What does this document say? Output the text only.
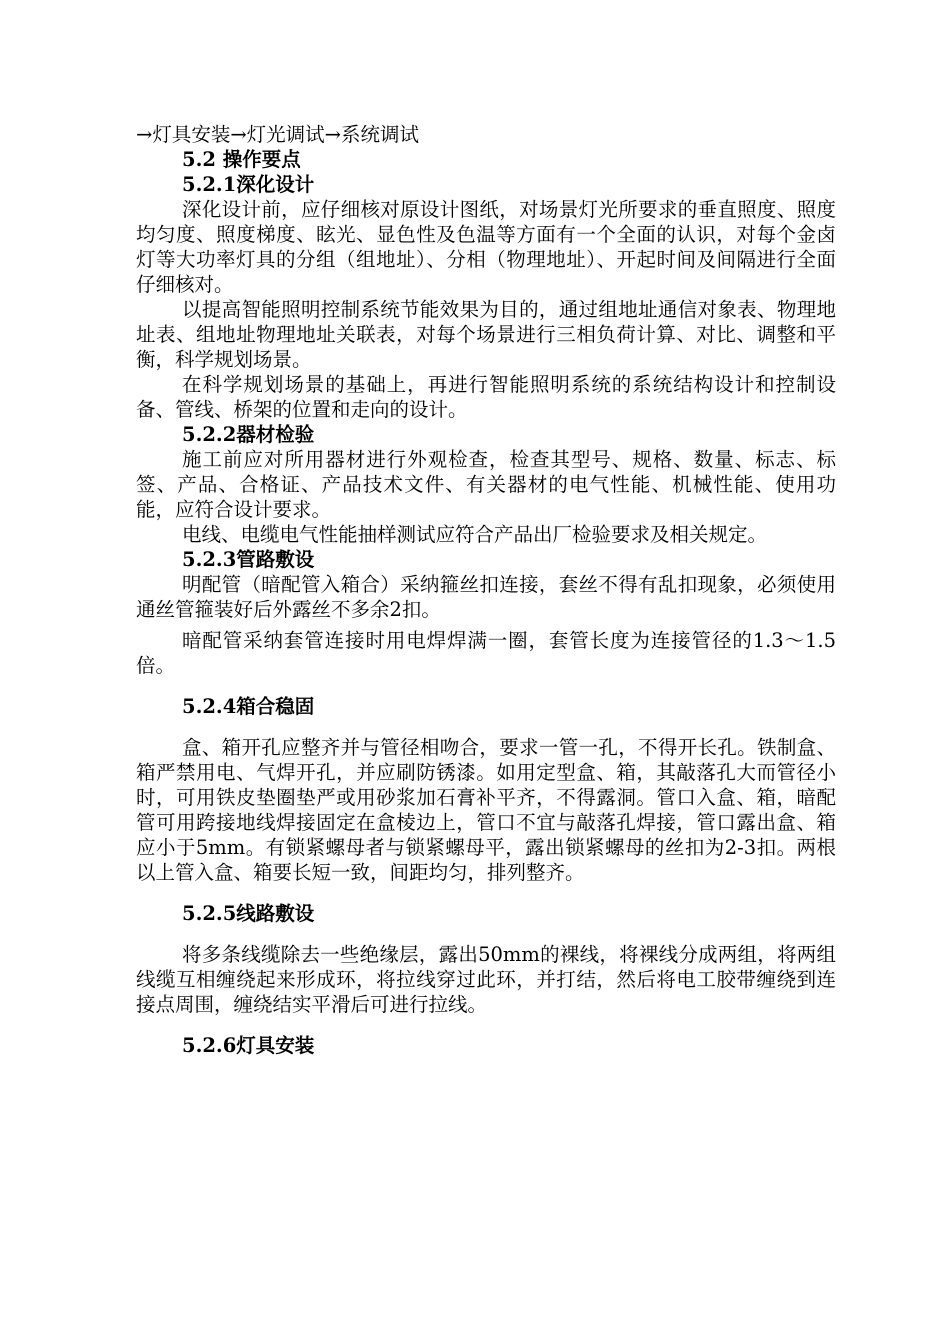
→灯具安装→灯光调试→系统调试

5.2 操作要点

5.2.1深化设计

深化设计前，应仔细核对原设计图纸，对场景灯光所要求的垂直照度、照度均匀度、照度梯度、眩光、显色性及色温等方面有一个全面的认识，对每个金卤灯等大功率灯具的分组（组地址）、分相（物理地址）、开起时间及间隔进行全面仔细核对。

以提高智能照明控制系统节能效果为目的，通过组地址通信对象表、物理地址表、组地址物理地址关联表，对每个场景进行三相负荷计算、对比、调整和平衡，科学规划场景。

在科学规划场景的基础上，再进行智能照明系统的系统结构设计和控制设备、管线、桥架的位置和走向的设计。

5.2.2器材检验

施工前应对所用器材进行外观检查，检查其型号、规格、数量、标志、标签、产品、合格证、产品技术文件、有关器材的电气性能、机械性能、使用功能，应符合设计要求。

电线、电缆电气性能抽样测试应符合产品出厂检验要求及相关规定。

5.2.3管路敷设

明配管（暗配管入箱合）采纳箍丝扣连接，套丝不得有乱扣现象，必须使用通丝管箍装好后外露丝不多余2扣。

暗配管采纳套管连接时用电焊焊满一圈，套管长度为连接管径的1.3～1.5倍。

5.2.4箱合稳固

盒、箱开孔应整齐并与管径相吻合，要求一管一孔，不得开长孔。铁制盒、箱严禁用电、气焊开孔，并应刷防锈漆。如用定型盒、箱，其敲落孔大而管径小时，可用铁皮垫圈垫严或用砂浆加石膏补平齐，不得露洞。管口入盒、箱，暗配管可用跨接地线焊接固定在盒棱边上，管口不宜与敲落孔焊接，管口露出盒、箱应小于5mm。有锁紧螺母者与锁紧螺母平，露出锁紧螺母的丝扣为2-3扣。两根以上管入盒、箱要长短一致，间距均匀，排列整齐。

5.2.5线路敷设

将多条线缆除去一些绝缘层，露出50mm的裸线，将裸线分成两组，将两组线缆互相缠绕起来形成环，将拉线穿过此环，并打结，然后将电工胶带缠绕到连接点周围，缠绕结实平滑后可进行拉线。

5.2.6灯具安装
